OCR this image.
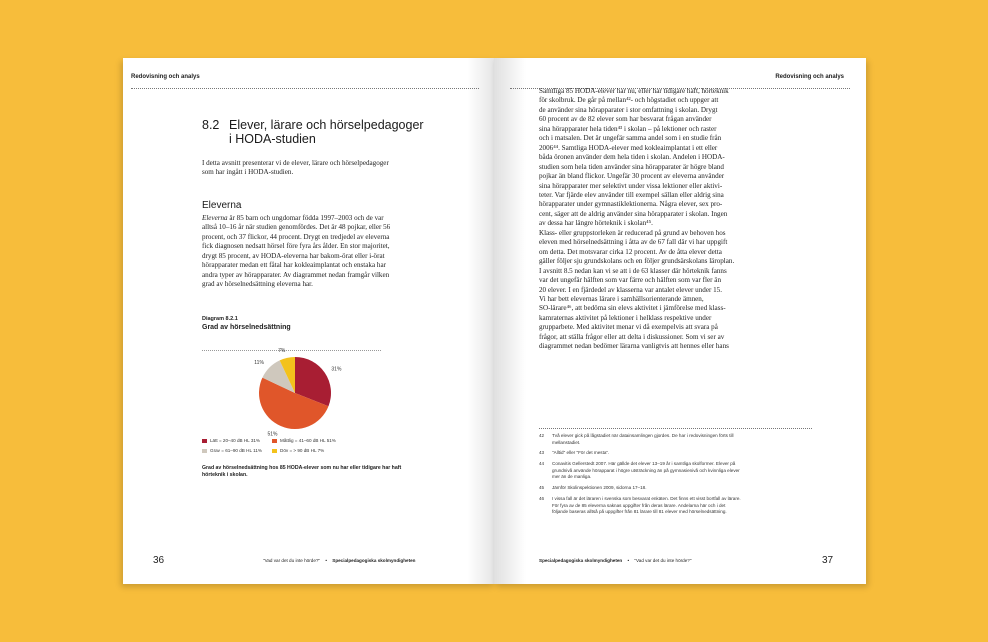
Redovisning och analys
8.2 Elever, lärare och hörselpedagoger
i HODA-studien
I detta avsnitt presenterar vi de elever, lärare och hörselpedagoger
som har ingått i HODA-studien.
Eleverna
Eleverna är 85 barn och ungdomar födda 1997–2003 och de var
alltså 10–16 år när studien genomfördes. Det är 48 pojkar, eller 56
procent, och 37 flickor, 44 procent. Drygt en tredjedel av eleverna
fick diagnosen nedsatt hörsel före fyra års ålder. En stor majoritet,
drygt 85 procent, av HODA-eleverna har bakom-örat eller i-örat
hörapparater medan ett fåtal har kokleaimplantat och enstaka har
andra typer av hörapparater. Av diagrammet nedan framgår vilken
grad av hörselnedsättning eleverna har.
Diagram 8.2.1
Grad av hörselnedsättning
31%
51%
11%
7%
Lätt = 20–40 dB HL 31%	Måttlig = 41–60 dB HL 51%
Grav = 61–90 dB HL 11%	Döv = > 90 dB HL 7%
Grad av hörselnedsättning hos 85 HODA-elever som nu har eller tidigare har haft
hörteknik i skolan.
36	"Vad var det du inte hörde?" • Specialpedagogiska skolmyndigheten
Redovisning och analys
Samtliga 85 HODA-elever har nu, eller har tidigare haft, hörteknik
för skolbruk. De går på mellan⁴²- och högstadiet och uppger att
de använder sina hörapparater i stor omfattning i skolan. Drygt
60 procent av de 82 elever som har besvarat frågan använder
sina hörapparater hela tiden⁴³ i skolan – på lektioner och raster
och i matsalen. Det är ungefär samma andel som i en studie från
2006⁴⁴. Samtliga HODA-elever med kokleaimplantat i ett eller
båda öronen använder dem hela tiden i skolan. Andelen i HODA-
studien som hela tiden använder sina hörapparater är högre bland
pojkar än bland flickor. Ungefär 30 procent av eleverna använder
sina hörapparater mer selektivt under vissa lektioner eller aktivi-
teter. Var fjärde elev använder till exempel sällan eller aldrig sina
hörapparater under gymnastiklektionerna. Några elever, sex pro-
cent, säger att de aldrig använder sina hörapparater i skolan. Ingen
av dessa har längre hörteknik i skolan⁴⁵.
Klass- eller gruppstorleken är reducerad på grund av behoven hos
eleven med hörselnedsättning i åtta av de 67 fall där vi har uppgift
om detta. Det motsvarar cirka 12 procent. Av de åtta elever detta
gäller följer sju grundskolans och en följer grundsärskolans läroplan.
I avsnitt 8.5 nedan kan vi se att i de 63 klasser där hörteknik fanns
var det ungefär hälften som var färre och hälften som var fler än
20 elever. I en fjärdedel av klasserna var antalet elever under 15.
Vi har bett elevernas lärare i samhällsorienterande ämnen,
SO-lärare⁴⁶, att bedöma sin elevs aktivitet i jämförelse med klass-
kamraternas aktivitet på lektioner i helklass respektive under
grupparbete. Med aktivitet menar vi då exempelvis att svara på
frågor, att ställa frågor eller att delta i diskussioner. Som vi ser av
diagrammet nedan bedömer lärarna vanligtvis att hennes eller hans
42 Två elever gick på lågstadiet när datainsamlingen gjordes. De har i redovisningen förts till
mellanstadiet.
43 "Alltid" eller "För det mesta".
44 Conavitis Gellerstedt 2007. Här gällde det elever 13–19 år i samtliga skolformer. Elever på
grundnivå använde hörapparat i högre utsträckning än på gymnasienivå och kvinnliga elever
mer än de manliga.
45 Jämför Skolinspektionen 2009, sidorna 17–18.
46 I vissa fall är det läraren i svenska som besvarat enkäten. Det finns ett visst bortfall av lärare.
För fyra av de 85 eleverna saknas uppgifter från deras lärare. Andelarna här och i det
följande baseras alltså på uppgifter från 81 lärare till 81 elever med hörselnedsättning.
Specialpedagogiska skolmyndigheten • "Vad var det du inte hörde?"	37
